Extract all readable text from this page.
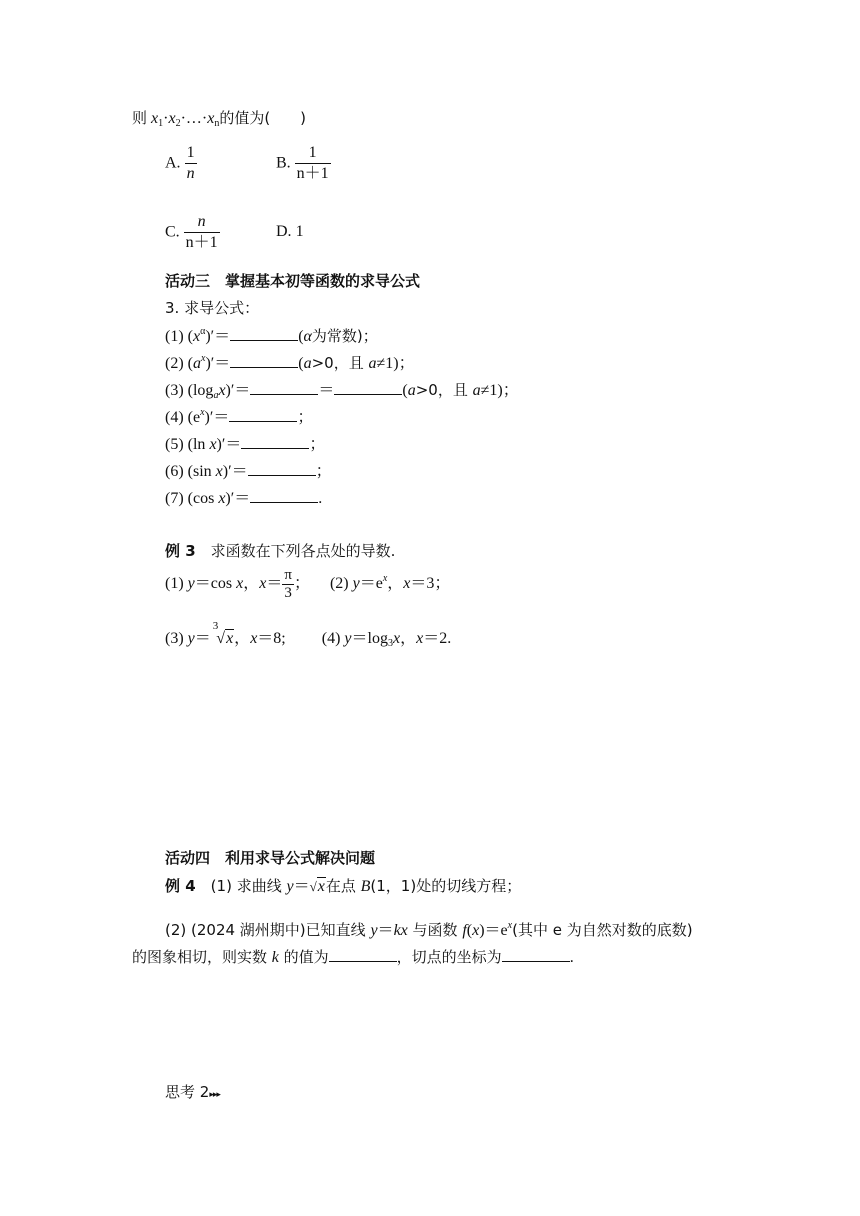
则 $x_1\cdot x_2\cdot\dots\cdot x_n$的值为(　　)
A. $\frac{1}{n}$	B. $\frac{1}{n+1}$
C. $\frac{n}{n+1}$	D. 1
活动三　掌握基本初等函数的求导公式
3. 求导公式：
(1) $(x^\alpha)'=$	(α为常数)；
(2) $(a^x)'=$	(a>0，且 a≠1)；
(3) $(\log_ax)'=$	＝	(a>0，且 a≠1)；
(4) $(e^x)'=$	；
(5) (ln x)′＝	；
(6) (sin x)′＝	；
(7) (cos x)′＝	.
例 3　求函数在下列各点处的导数.
(1) y＝cos x，$x= \frac{\pi}{3}$ ； (2) $y=e^x$，x＝3；
(3) y＝$^3$√x，x＝8; (4) $y=\log_3x$，x＝2.
活动四　利用求导公式解决问题
例 4　(1) 求曲线 y＝√x在点 B(1，1)处的切线方程；
(2) (2024 湖州期中)已知直线 y＝kx 与函数 $f(x)=e^x$(其中 e 为自然对数的底数)
的图象相切，则实数 k 的值为	，切点的坐标为	.
思考 2▸▸▸
